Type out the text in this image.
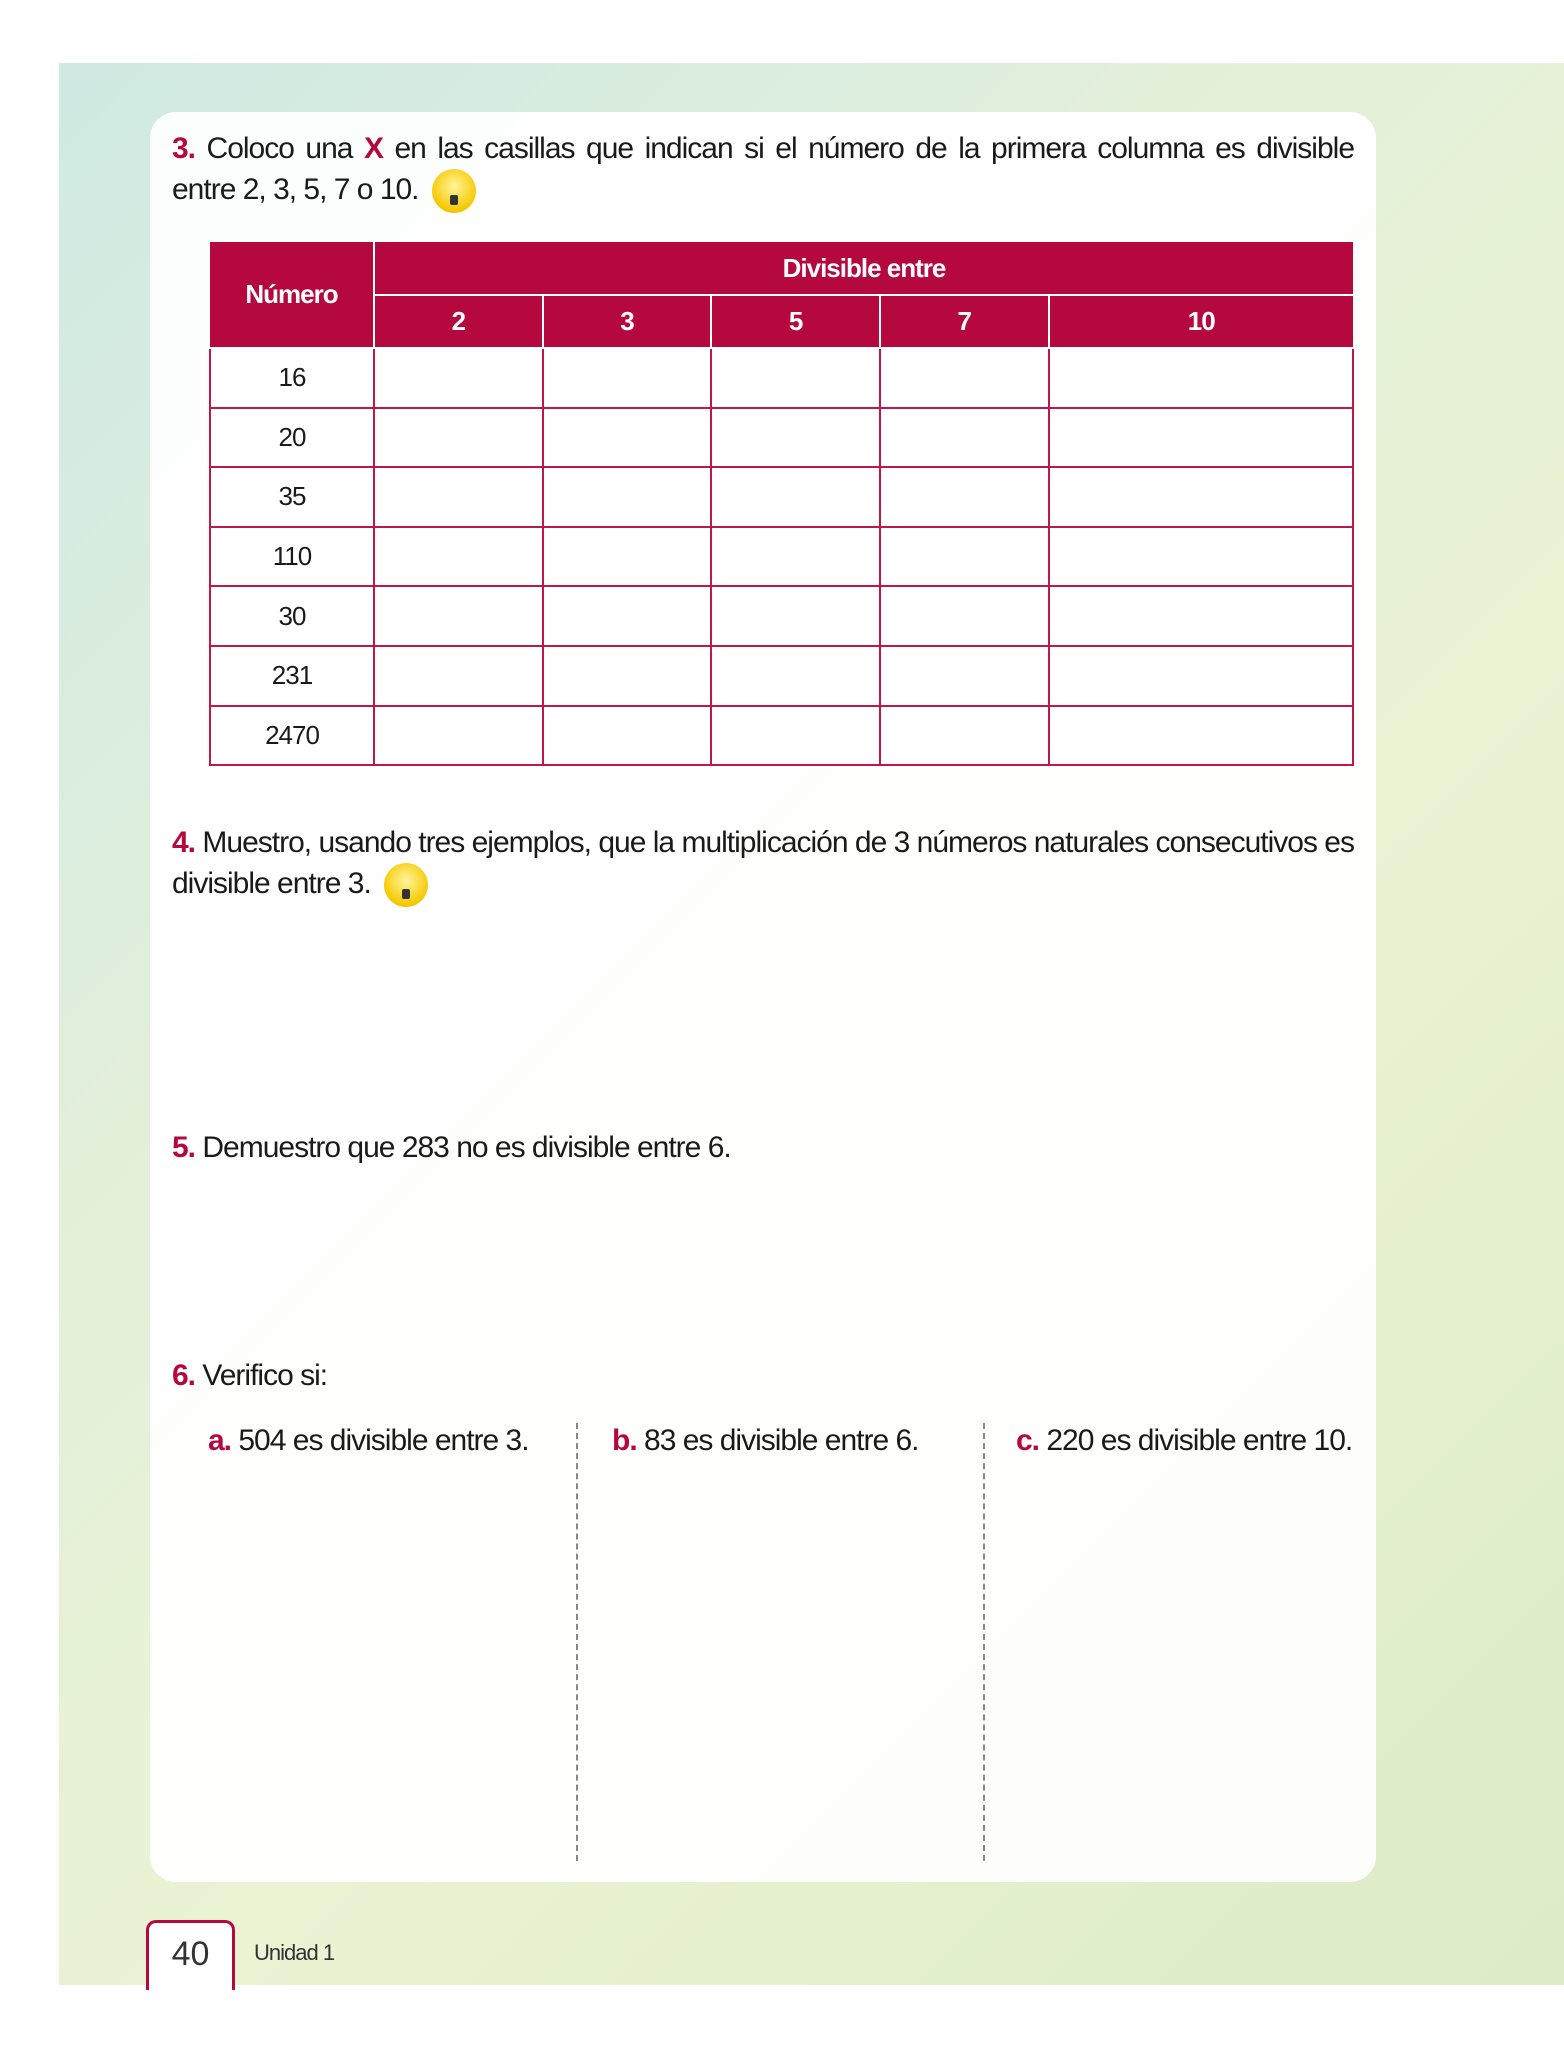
3. Coloco una X en las casillas que indican si el número de la primera columna es divisible entre 2, 3, 5, 7 o 10.
Número	Divisible entre				
	2	3	5	7	10
16					
20					
35					
110					
30					
231					
2470					
4. Muestro, usando tres ejemplos, que la multiplicación de 3 números naturales consecutivos es divisible entre 3.
5. Demuestro que 283 no es divisible entre 6.
6. Verifico si:
a. 504 es divisible entre 3.	b. 83 es divisible entre 6.	c. 220 es divisible entre 10.
40	Unidad 1
